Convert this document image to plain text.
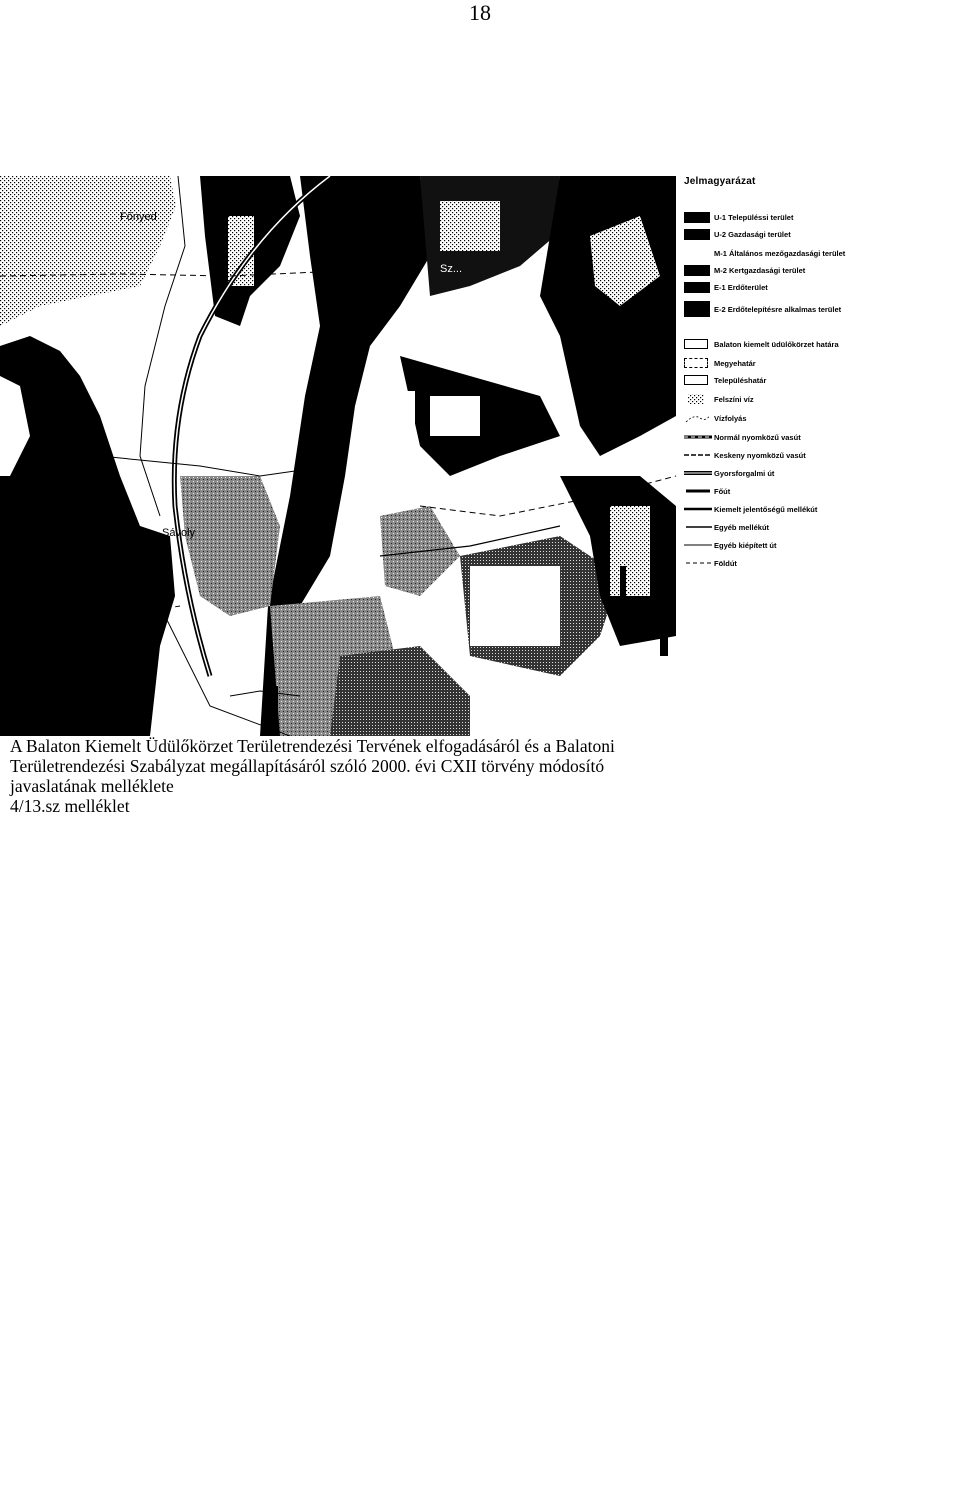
18
Fõnyed
Sávoly
Sz...
Jelmagyarázat
U-1 Településsi terület
U-2 Gazdasági terület
M-1 Általános mezőgazdasági terület
M-2 Kertgazdasági terület
E-1 Erdőterület
E-2 Erdőtelepítésre alkalmas terület
Balaton kiemelt üdülőkörzet határa
Megyehatár
Településhatár
Felszíni víz
Vízfolyás
Normál nyomközű vasút
Keskeny nyomközű vasút
Gyorsforgalmi út
Főút
Kiemelt jelentőségű mellékút
Egyéb mellékút
Egyéb kiépített út
Földút
A Balaton Kiemelt Üdülőkörzet Területrendezési Tervének elfogadásáról és a Balatoni
Területrendezési Szabályzat megállapításáról szóló 2000. évi CXII törvény módosító
javaslatának melléklete
4/13.sz melléklet
